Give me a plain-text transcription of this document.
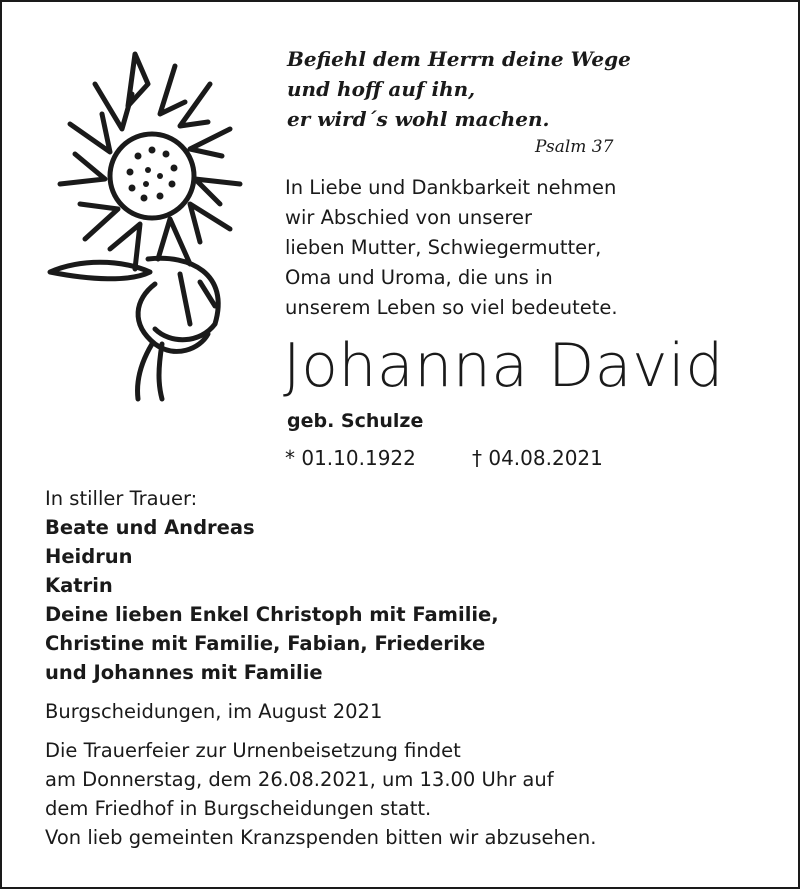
Befiehl dem Herrn deine Wege
und hoff auf ihn,
er wird´s wohl machen.
Psalm 37
In Liebe und Dankbarkeit nehmen
wir Abschied von unserer
lieben Mutter, Schwiegermutter,
Oma und Uroma, die uns in
unserem Leben so viel bedeutete.
Johanna David
geb. Schulze
* 01.10.1922	† 04.08.2021
In stiller Trauer:
Beate und Andreas
Heidrun
Katrin
Deine lieben Enkel Christoph mit Familie,
Christine mit Familie, Fabian, Friederike
und Johannes mit Familie
Burgscheidungen, im August 2021
Die Trauerfeier zur Urnenbeisetzung findet
am Donnerstag, dem 26.08.2021, um 13.00 Uhr auf
dem Friedhof in Burgscheidungen statt.
Von lieb gemeinten Kranzspenden bitten wir abzusehen.
